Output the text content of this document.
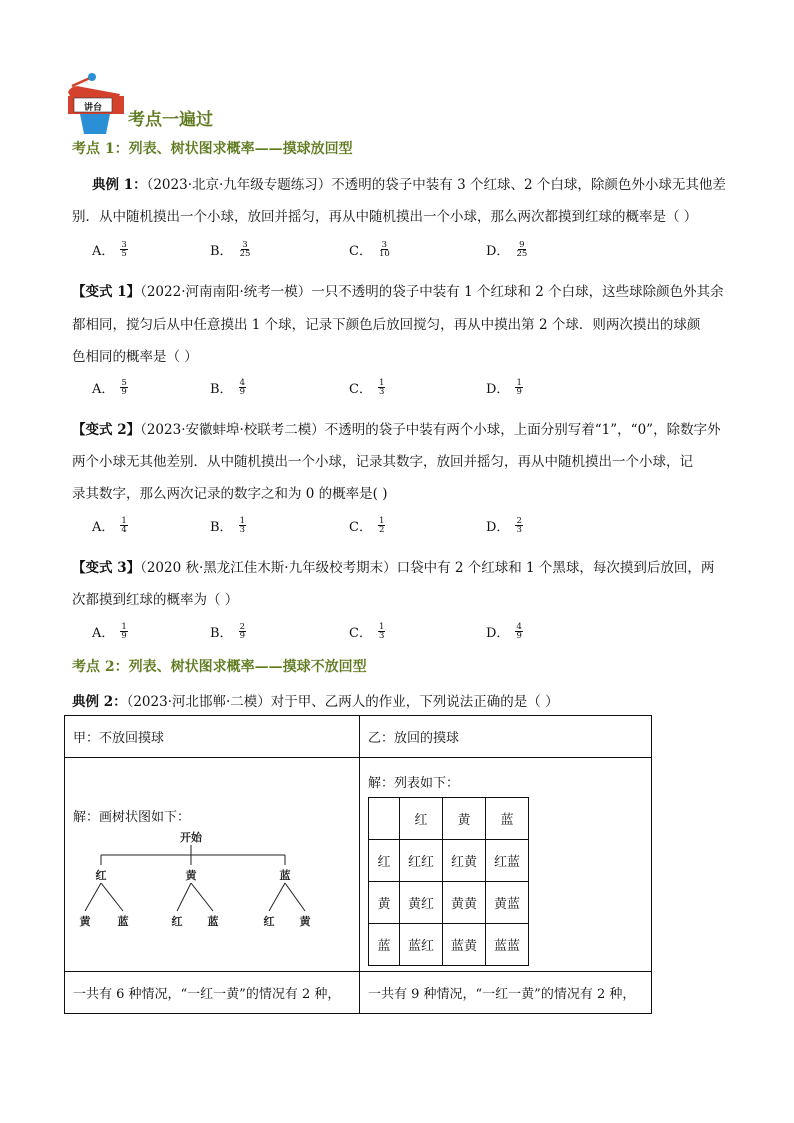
讲台
考点一遍过
考点 1：列表、树状图求概率——摸球放回型
典例 1：（2023·北京·九年级专题练习）不透明的袋子中装有 3 个红球、2 个白球，除颜色外小球无其他差
别．从中随机摸出一个小球，放回并摇匀，再从中随机摸出一个小球，那么两次都摸到红球的概率是（ ）
A． $\frac{3}{5}$	B． $\frac{3}{25}$	C． $\frac{3}{10}$	D． $\frac{9}{25}$
【变式 1】（2022·河南南阳·统考一模）一只不透明的袋子中装有 1 个红球和 2 个白球，这些球除颜色外其余
都相同，搅匀后从中任意摸出 1 个球，记录下颜色后放回搅匀，再从中摸出第 2 个球．则两次摸出的球颜
色相同的概率是（ ）
A． $\frac{5}{9}$	B． $\frac{4}{9}$	C． $\frac{1}{3}$	D． $\frac{1}{9}$
【变式 2】（2023·安徽蚌埠·校联考二模）不透明的袋子中装有两个小球，上面分别写着“1”，“0”，除数字外
两个小球无其他差别．从中随机摸出一个小球，记录其数字，放回并摇匀，再从中随机摸出一个小球，记
录其数字，那么两次记录的数字之和为 0 的概率是( )
A． $\frac{1}{4}$	B． $\frac{1}{3}$	C． $\frac{1}{2}$	D． $\frac{2}{3}$
【变式 3】（2020 秋·黑龙江佳木斯·九年级校考期末）口袋中有 2 个红球和 1 个黑球，每次摸到后放回，两
次都摸到红球的概率为（ ）
A． $\frac{1}{9}$	B． $\frac{2}{9}$	C． $\frac{1}{3}$	D． $\frac{4}{9}$
考点 2：列表、树状图求概率——摸球不放回型
典例 2：（2023·河北邯郸·二模）对于甲、乙两人的作业，下列说法正确的是（ ）
甲：不放回摸球	乙：放回的摸球

解：画树状图如下：
开始
红	黄	蓝
黄 蓝	红 蓝	红 黄

解：列表如下：
	红	黄	蓝
红	红红	红黄	红蓝
黄	黄红	黄黄	黄蓝
蓝	蓝红	蓝黄	蓝蓝

一共有 6 种情况，“一红一黄”的情况有 2 种，	一共有 9 种情况，“一红一黄”的情况有 2 种，
